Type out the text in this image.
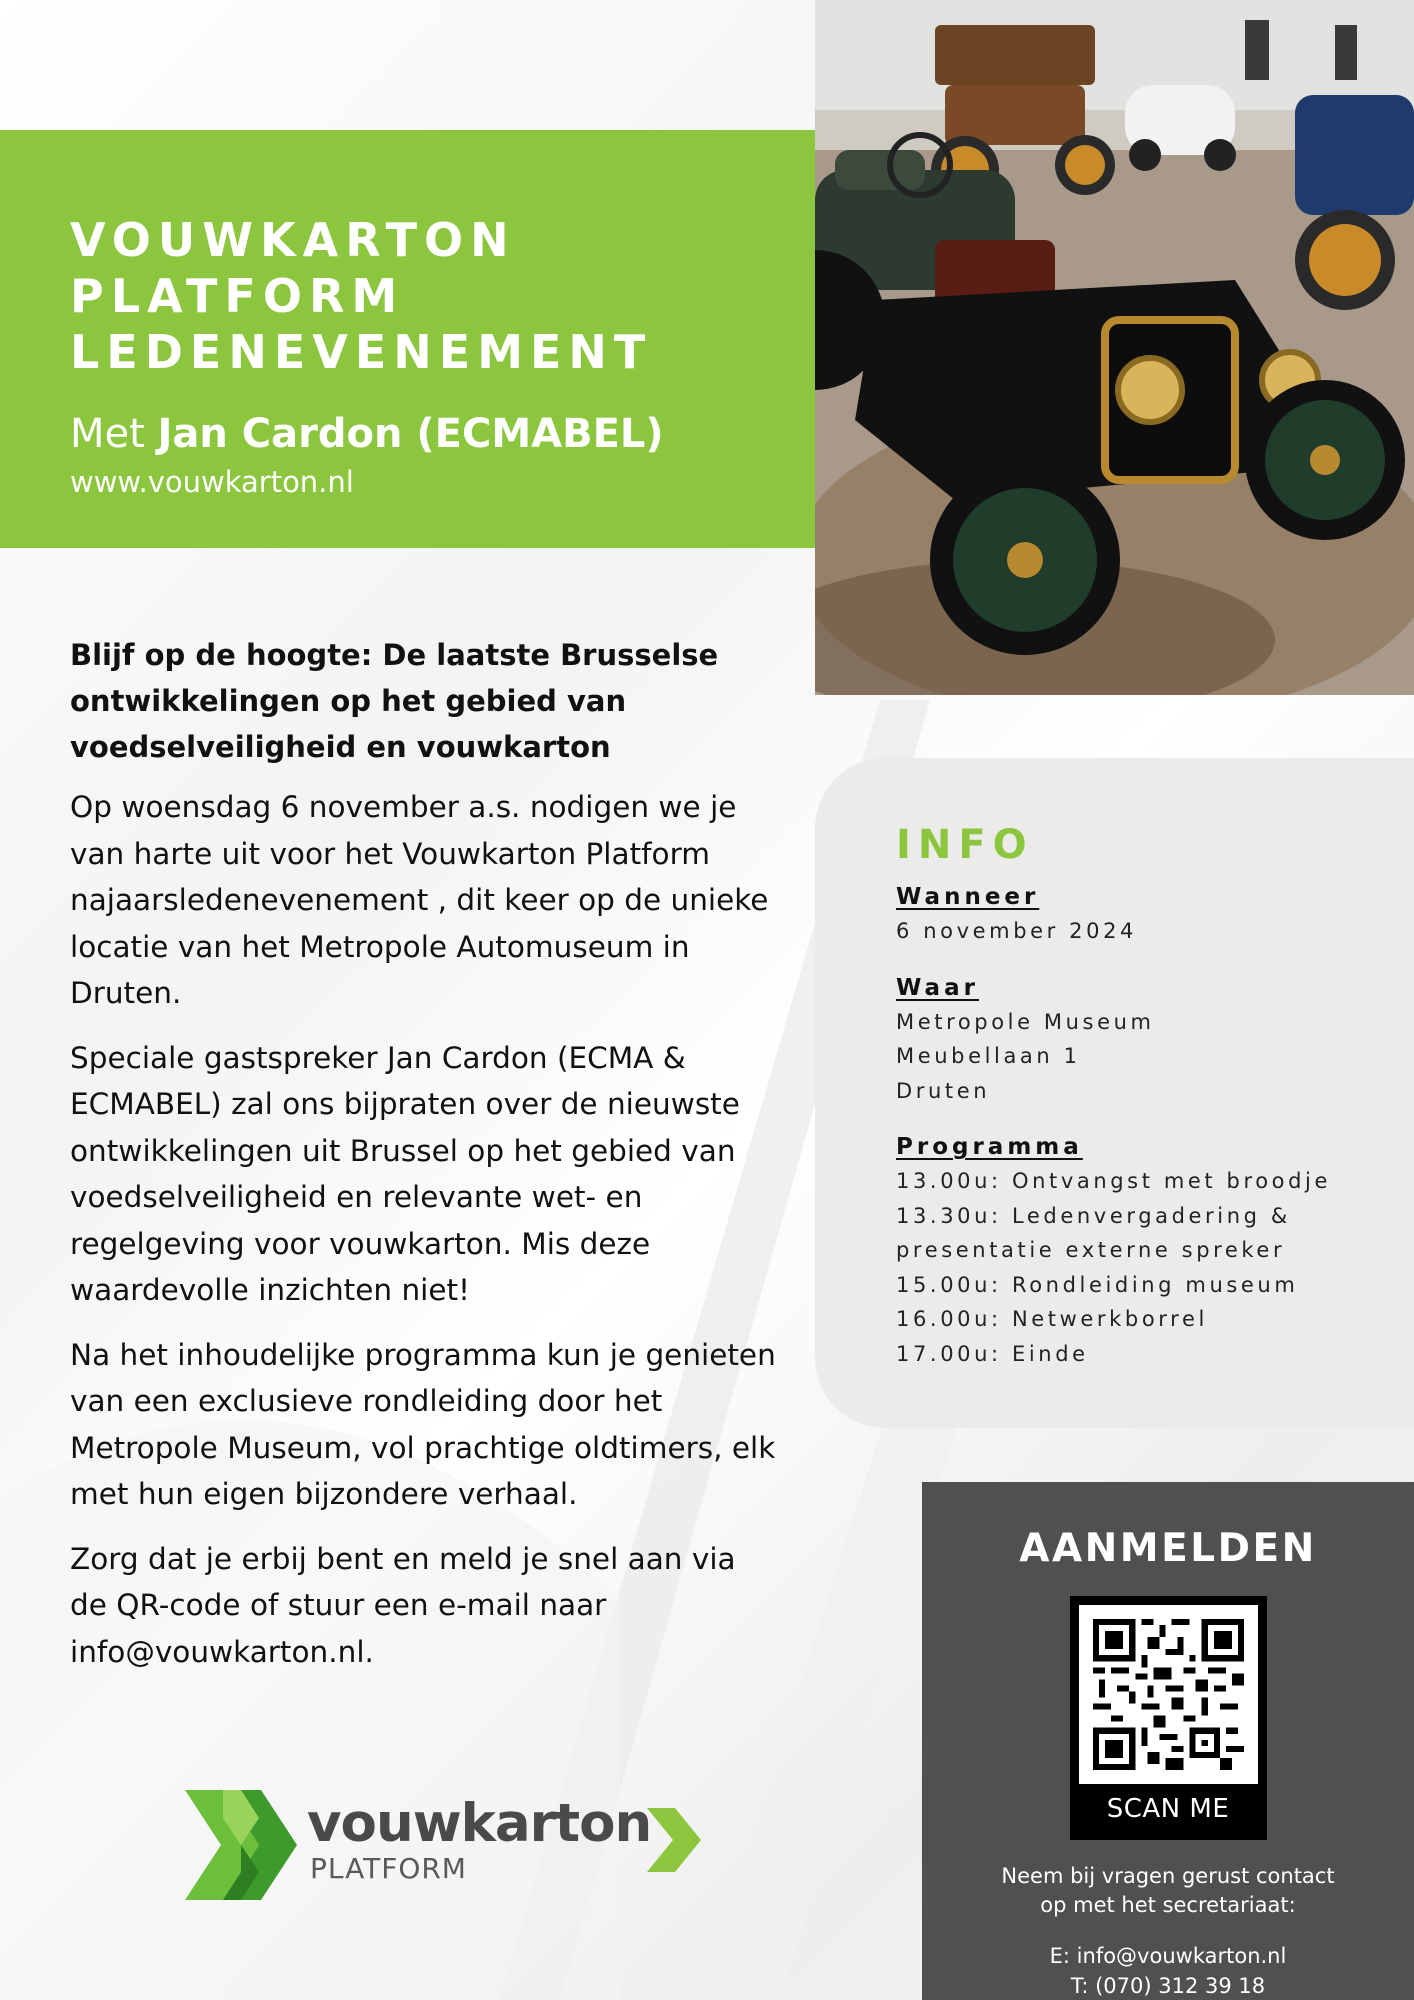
VOUWKARTON
PLATFORM
LEDENEVENEMENT
Met Jan Cardon (ECMABEL)
www.vouwkarton.nl

Blijf op de hoogte: De laatste Brusselse ontwikkelingen op het gebied van voedselveiligheid en vouwkarton

Op woensdag 6 november a.s. nodigen we je van harte uit voor het Vouwkarton Platform najaarsledenevenement , dit keer op de unieke locatie van het Metropole Automuseum in Druten.

Speciale gastspreker Jan Cardon (ECMA & ECMABEL) zal ons bijpraten over de nieuwste ontwikkelingen uit Brussel op het gebied van voedselveiligheid en relevante wet- en regelgeving voor vouwkarton. Mis deze waardevolle inzichten niet!

Na het inhoudelijke programma kun je genieten van een exclusieve rondleiding door het Metropole Museum, vol prachtige oldtimers, elk met hun eigen bijzondere verhaal.

Zorg dat je erbij bent en meld je snel aan via de QR-code of stuur een e-mail naar info@vouwkarton.nl.

INFO
Wanneer
6 november 2024
Waar
Metropole Museum
Meubellaan 1
Druten
Programma
13.00u: Ontvangst met broodje
13.30u: Ledenvergadering &
presentatie externe spreker
15.00u: Rondleiding museum
16.00u: Netwerkborrel
17.00u: Einde
AANMELDEN
SCAN ME
Neem bij vragen gerust contact
op met het secretariaat:
E: info@vouwkarton.nl
T: (070) 312 39 18
vouwkarton
PLATFORM
